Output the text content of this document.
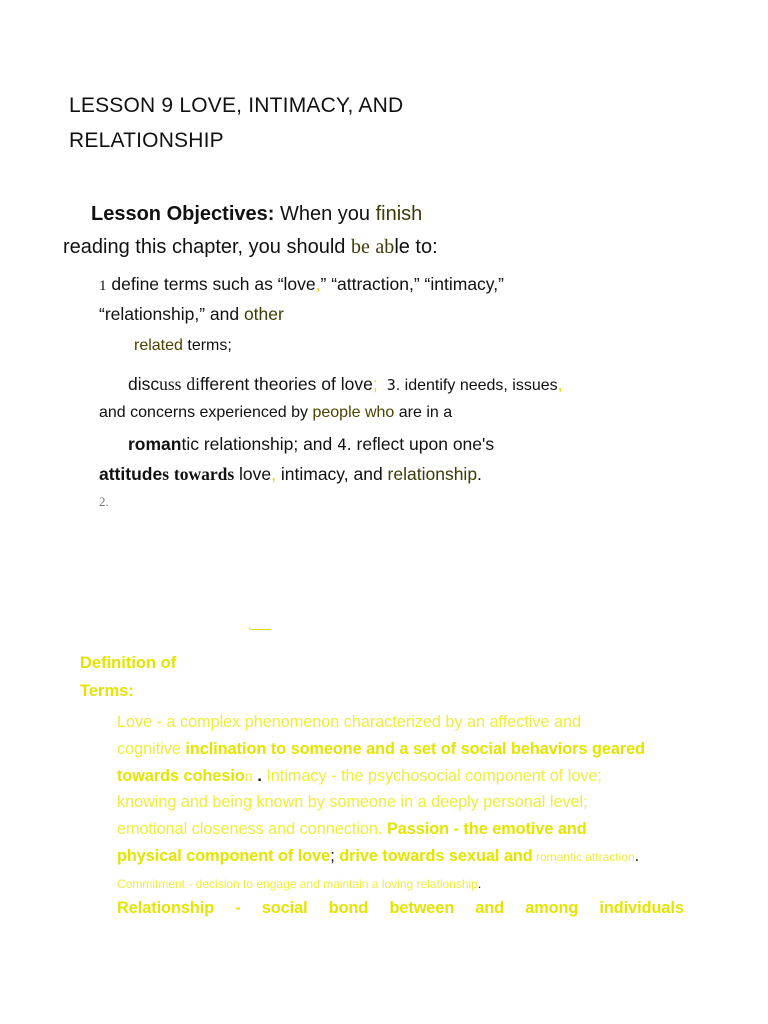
LESSON 9 LOVE, INTIMACY, AND
RELATIONSHIP
Lesson Objectives: When you finish
reading this chapter, you should be able to:
1 define terms such as “love,” “attraction,” “intimacy,”
“relationship,” and other
related terms;
discuss different theories of love; 3. identify needs, issues,
and concerns experienced by people who are in a
romantic relationship; and 4. reflect upon one's
attitudes towards love, intimacy, and relationship.
2.
Definition of
Terms:
Love - a complex phenomenon characterized by an affective and
cognitive inclination to someone and a set of social behaviors geared
towards cohesion . Intimacy - the psychosocial component of love;
knowing and being known by someone in a deeply personal level;
emotional closeness and connection. Passion - the emotive and
physical component of love; drive towards sexual and romantic attraction.
Commitment - decision to engage and maintain a loving relationship.
Relationship - social bond between and among individuals
